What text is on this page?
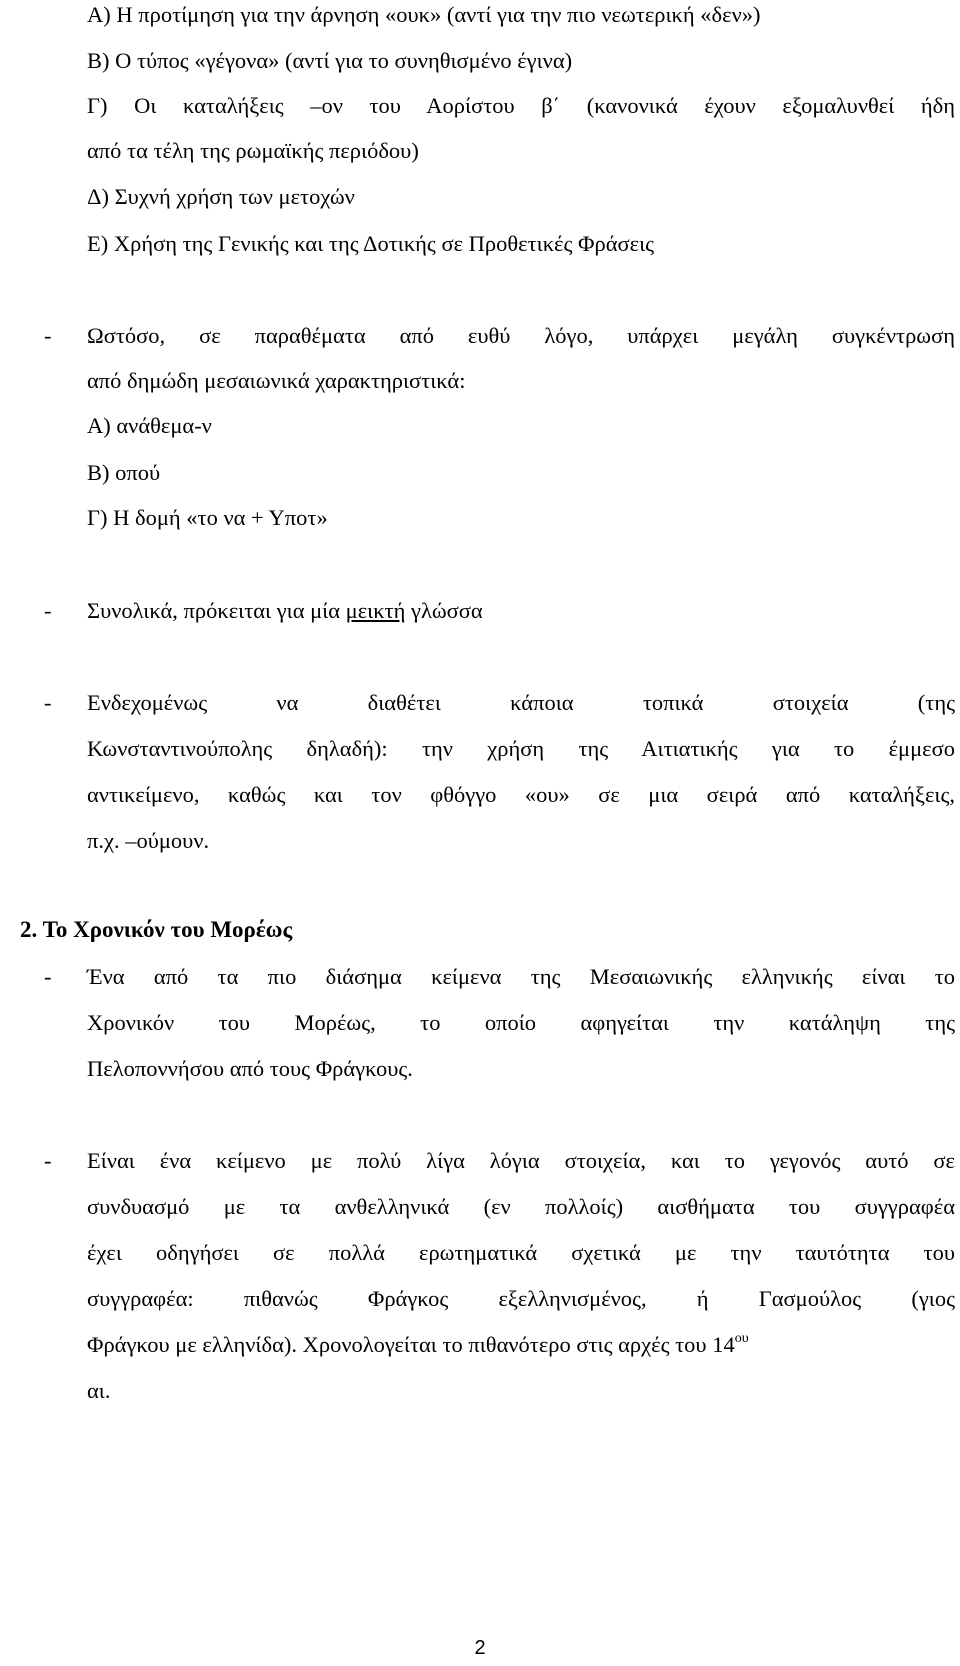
Α) Η προτίμηση για την άρνηση «ουκ» (αντί για την πιο νεωτερική «δεν»)
Β) Ο τύπος «γέγονα» (αντί για το συνηθισμένο έγινα)
Γ) Οι καταλήξεις –ον του Αορίστου β΄ (κανονικά έχουν εξομαλυνθεί ήδη
από τα τέλη της ρωμαϊκής περιόδου)
Δ) Συχνή χρήση των μετοχών
Ε) Χρήση της Γενικής και της Δοτικής σε Προθετικές Φράσεις
- Ωστόσο, σε παραθέματα από ευθύ λόγο, υπάρχει μεγάλη συγκέντρωση
από δημώδη μεσαιωνικά χαρακτηριστικά:
Α) ανάθεμα-ν
Β) οπού
Γ) Η δομή «το να + Υποτ»
- Συνολικά, πρόκειται για μία μεικτή γλώσσα
- Ενδεχομένως να διαθέτει κάποια τοπικά στοιχεία (της
Κωνσταντινούπολης δηλαδή): την χρήση της Αιτιατικής για το έμμεσο
αντικείμενο, καθώς και τον φθόγγο «ου» σε μια σειρά από καταλήξεις,
π.χ. –ούμουν.
2. Το Χρονικόν του Μορέως
- Ένα από τα πιο διάσημα κείμενα της Μεσαιωνικής ελληνικής είναι το
Χρονικόν του Μορέως, το οποίο αφηγείται την κατάληψη της
Πελοποννήσου από τους Φράγκους.
- Είναι ένα κείμενο με πολύ λίγα λόγια στοιχεία, και το γεγονός αυτό σε
συνδυασμό με τα ανθελληνικά (εν πολλοίς) αισθήματα του συγγραφέα
έχει οδηγήσει σε πολλά ερωτηματικά σχετικά με την ταυτότητα του
συγγραφέα: πιθανώς Φράγκος εξελληνισμένος, ή Γασμούλος (γιος
Φράγκου με ελληνίδα). Χρονολογείται το πιθανότερο στις αρχές του $14^{o\upsilon}$
αι.
2
